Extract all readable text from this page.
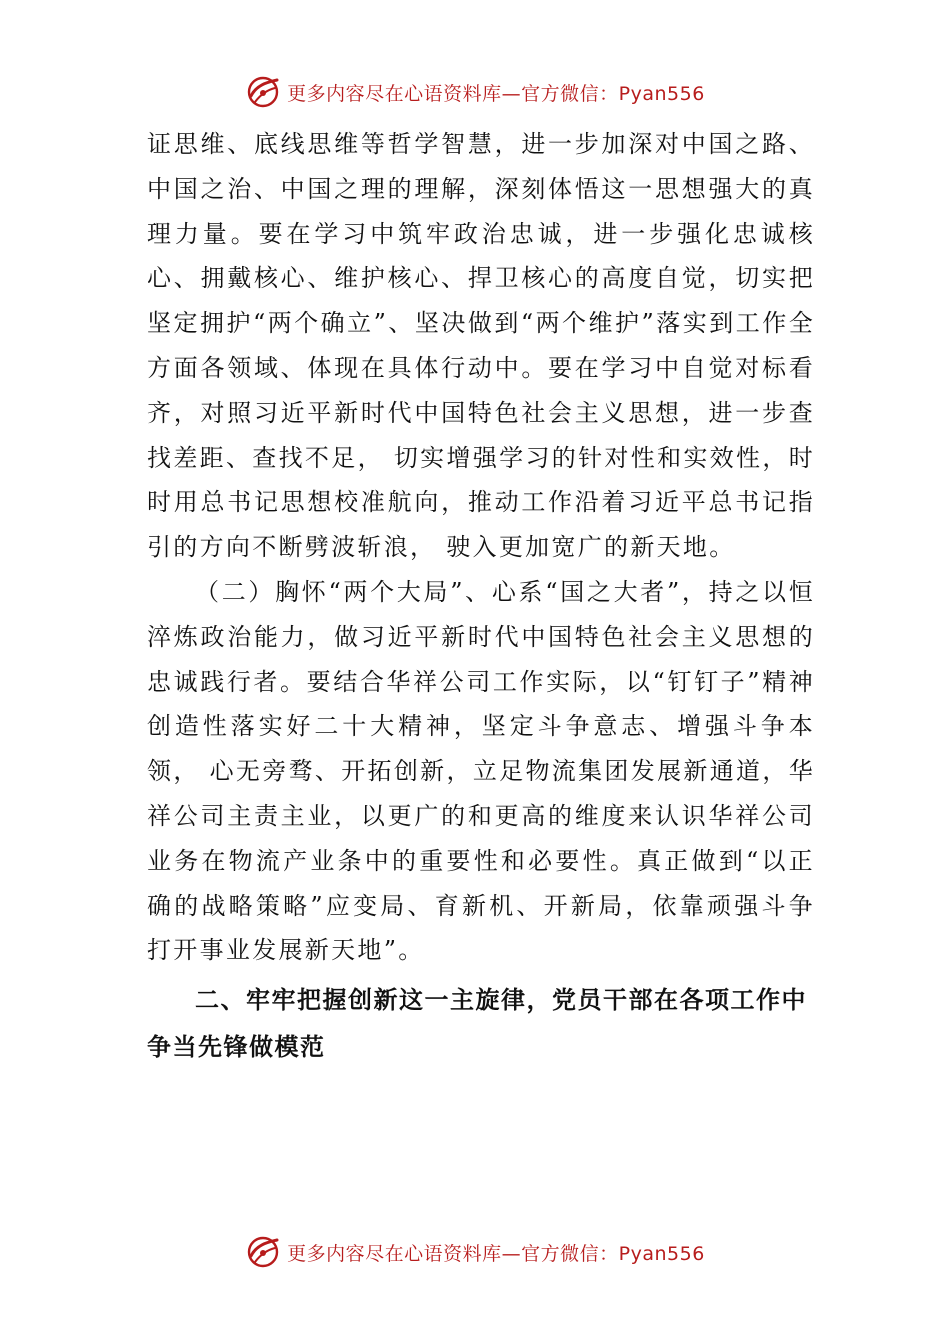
更多内容尽在心语资料库—官方微信：Pyan556

证思维、底线思维等哲学智慧，进一步加深对中国之路、中国之治、中国之理的理解，深刻体悟这一思想强大的真理力量。要在学习中筑牢政治忠诚，进一步强化忠诚核心、拥戴核心、维护核心、捍卫核心的高度自觉，切实把坚定拥护“两个确立”、坚决做到“两个维护”落实到工作全方面各领域、体现在具体行动中。要在学习中自觉对标看齐，对照习近平新时代中国特色社会主义思想，进一步查找差距、查找不足， 切实增强学习的针对性和实效性，时时用总书记思想校准航向，推动工作沿着习近平总书记指引的方向不断劈波斩浪， 驶入更加宽广的新天地。

（二）胸怀“两个大局”、心系“国之大者”，持之以恒淬炼政治能力，做习近平新时代中国特色社会主义思想的忠诚践行者。要结合华祥公司工作实际，以“钉钉子”精神创造性落实好二十大精神，坚定斗争意志、增强斗争本领， 心无旁骛、开拓创新，立足物流集团发展新通道，华祥公司主责主业，以更广的和更高的维度来认识华祥公司业务在物流产业条中的重要性和必要性。真正做到“以正确的战略策略”应变局、育新机、开新局，依靠顽强斗争打开事业发展新天地”。

二、牢牢把握创新这一主旋律，党员干部在各项工作中争当先锋做模范

更多内容尽在心语资料库—官方微信：Pyan556
